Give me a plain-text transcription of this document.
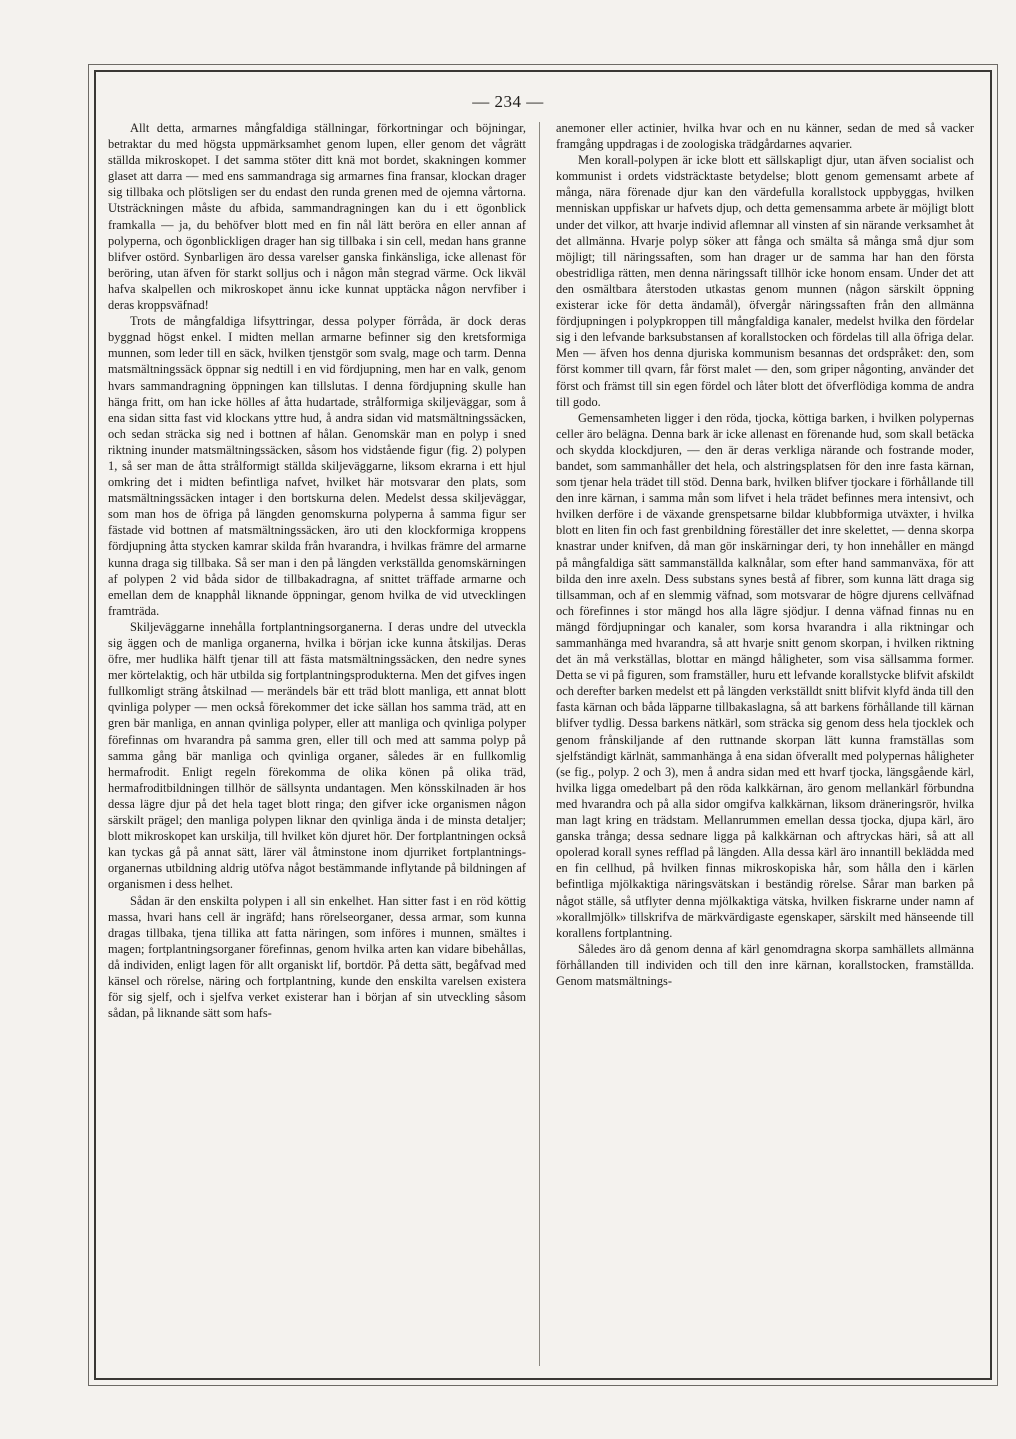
— 234 —

Allt detta, armarnes mångfaldiga ställningar, förkortningar och böjningar, betraktar du med högsta uppmärksamhet genom lupen, eller genom det vågrätt ställda mikroskopet. I det samma stöter ditt knä mot bordet, skakningen kommer glaset att darra — med ens sammandraga sig armarnes fina fransar, klockan drager sig tillbaka och plötsligen ser du endast den runda grenen med de ojemna vårtorna. Utsträckningen måste du afbida, sammandragningen kan du i ett ögonblick framkalla — ja, du behöfver blott med en fin nål lätt beröra en eller annan af polyperna, och ögonblickligen drager han sig tillbaka i sin cell, medan hans granne blifver ostörd. Synbarligen äro dessa varelser ganska finkänsliga, icke allenast för beröring, utan äfven för starkt solljus och i någon mån stegrad värme. Ock likväl hafva skalpellen och mikroskopet ännu icke kunnat upptäcka någon nervfiber i deras kroppsväfnad!

Trots de mångfaldiga lifsyttringar, dessa polyper förråda, är dock deras byggnad högst enkel. I midten mellan armarne befinner sig den kretsformiga munnen, som leder till en säck, hvilken tjenstgör som svalg, mage och tarm. Denna matsmältningssäck öppnar sig nedtill i en vid fördjupning, men har en valk, genom hvars sammandragning öppningen kan tillslutas. I denna fördjupning skulle han hänga fritt, om han icke hölles af åtta hudartade, strålformiga skiljeväggar, som å ena sidan sitta fast vid klockans yttre hud, å andra sidan vid matsmältningssäcken, och sedan sträcka sig ned i bottnen af hålan. Genomskär man en polyp i sned riktning inunder matsmältningssäcken, såsom hos vidstående figur (fig. 2) polypen 1, så ser man de åtta strålformigt ställda skiljeväggarne, liksom ekrarna i ett hjul omkring det i midten befintliga nafvet, hvilket här motsvarar den plats, som matsmältningssäcken intager i den bortskurna delen. Medelst dessa skiljeväggar, som man hos de öfriga på längden genomskurna polyperna å samma figur ser fästade vid bottnen af matsmältningssäcken, äro uti den klockformiga kroppens fördjupning åtta stycken kamrar skilda från hvarandra, i hvilkas främre del armarne kunna draga sig tillbaka. Så ser man i den på längden verkställda genomskärningen af polypen 2 vid båda sidor de tillbakadragna, af snittet träffade armarne och emellan dem de knapphål liknande öppningar, genom hvilka de vid utvecklingen framträda.

Skiljeväggarne innehålla fortplantningsorganerna. I deras undre del utveckla sig äggen och de manliga organerna, hvilka i början icke kunna åtskiljas. Deras öfre, mer hudlika hälft tjenar till att fästa matsmältningssäcken, den nedre synes mer körtelaktig, och här utbilda sig fortplantningsprodukterna. Men det gifves ingen fullkomligt sträng åtskilnad — merändels bär ett träd blott manliga, ett annat blott qvinliga polyper — men också förekommer det icke sällan hos samma träd, att en gren bär manliga, en annan qvinliga polyper, eller att manliga och qvinliga polyper förefinnas om hvarandra på samma gren, eller till och med att samma polyp på samma gång bär manliga och qvinliga organer, således är en fullkomlig hermafrodit. Enligt regeln förekomma de olika könen på olika träd, hermafroditbildningen tillhör de sällsynta undantagen. Men könsskilnaden är hos dessa lägre djur på det hela taget blott ringa; den gifver icke organismen någon särskilt prägel; den manliga polypen liknar den qvinliga ända i de minsta detaljer; blott mikroskopet kan urskilja, till hvilket kön djuret hör. Der fortplantningen också kan tyckas gå på annat sätt, lärer väl åtminstone inom djurriket fortplantnings-organernas utbildning aldrig utöfva något bestämmande inflytande på bildningen af organismen i dess helhet.

Sådan är den enskilta polypen i all sin enkelhet. Han sitter fast i en röd köttig massa, hvari hans cell är ingräfd; hans rörelseorganer, dessa armar, som kunna dragas tillbaka, tjena tillika att fatta näringen, som införes i munnen, smältes i magen; fortplantningsorganer förefinnas, genom hvilka arten kan vidare bibehållas, då individen, enligt lagen för allt organiskt lif, bortdör. På detta sätt, begåfvad med känsel och rörelse, näring och fortplantning, kunde den enskilta varelsen existera för sig sjelf, och i sjelfva verket existerar han i början af sin utveckling såsom sådan, på liknande sätt som hafs-

anemoner eller actinier, hvilka hvar och en nu känner, sedan de med så vacker framgång uppdragas i de zoologiska trädgårdarnes aqvarier.

Men korall-polypen är icke blott ett sällskapligt djur, utan äfven socialist och kommunist i ordets vidsträcktaste betydelse; blott genom gemensamt arbete af många, nära förenade djur kan den värdefulla korallstock uppbyggas, hvilken menniskan uppfiskar ur hafvets djup, och detta gemensamma arbete är möjligt blott under det vilkor, att hvarje individ aflemnar all vinsten af sin närande verksamhet åt det allmänna. Hvarje polyp söker att fånga och smälta så många små djur som möjligt; till näringssaften, som han drager ur de samma har han den första obestridliga rätten, men denna näringssaft tillhör icke honom ensam. Under det att den osmältbara återstoden utkastas genom munnen (någon särskilt öppning existerar icke för detta ändamål), öfvergår näringssaften från den allmänna fördjupningen i polypkroppen till mångfaldiga kanaler, medelst hvilka den fördelar sig i den lefvande barksubstansen af korallstocken och fördelas till alla öfriga delar. Men — äfven hos denna djuriska kommunism besannas det ordspråket: den, som först kommer till qvarn, får först malet — den, som griper någonting, använder det först och främst till sin egen fördel och låter blott det öfverflödiga komma de andra till godo.

Gemensamheten ligger i den röda, tjocka, köttiga barken, i hvilken polypernas celler äro belägna. Denna bark är icke allenast en förenande hud, som skall betäcka och skydda klockdjuren, — den är deras verkliga närande och fostrande moder, bandet, som sammanhåller det hela, och alstringsplatsen för den inre fasta kärnan, som tjenar hela trädet till stöd. Denna bark, hvilken blifver tjockare i förhållande till den inre kärnan, i samma mån som lifvet i hela trädet befinnes mera intensivt, och hvilken derföre i de växande grenspetsarne bildar klubbformiga utväxter, i hvilka blott en liten fin och fast grenbildning föreställer det inre skelettet, — denna skorpa knastrar under knifven, då man gör inskärningar deri, ty hon innehåller en mängd på mångfaldiga sätt sammanställda kalknålar, som efter hand sammanväxa, för att bilda den inre axeln. Dess substans synes bestå af fibrer, som kunna lätt draga sig tillsamman, och af en slemmig väfnad, som motsvarar de högre djurens cellväfnad och förefinnes i stor mängd hos alla lägre sjödjur. I denna väfnad finnas nu en mängd fördjupningar och kanaler, som korsa hvarandra i alla riktningar och sammanhänga med hvarandra, så att hvarje snitt genom skorpan, i hvilken riktning det än må verkställas, blottar en mängd håligheter, som visa sällsamma former. Detta se vi på figuren, som framställer, huru ett lefvande korallstycke blifvit afskildt och derefter barken medelst ett på längden verkställdt snitt blifvit klyfd ända till den fasta kärnan och båda läpparne tillbakaslagna, så att barkens förhållande till kärnan blifver tydlig. Dessa barkens nätkärl, som sträcka sig genom dess hela tjocklek och genom frånskiljande af den ruttnande skorpan lätt kunna framställas som sjelfständigt kärlnät, sammanhänga å ena sidan öfverallt med polypernas håligheter (se fig., polyp. 2 och 3), men å andra sidan med ett hvarf tjocka, längsgående kärl, hvilka ligga omedelbart på den röda kalkkärnan, äro genom mellankärl förbundna med hvarandra och på alla sidor omgifva kalkkärnan, liksom dräneringsrör, hvilka man lagt kring en trädstam. Mellanrummen emellan dessa tjocka, djupa kärl, äro ganska trånga; dessa sednare ligga på kalkkärnan och aftryckas häri, så att all opolerad korall synes refflad på längden. Alla dessa kärl äro innantill beklädda med en fin cellhud, på hvilken finnas mikroskopiska hår, som hålla den i kärlen befintliga mjölkaktiga näringsvätskan i beständig rörelse. Sårar man barken på något ställe, så utflyter denna mjölkaktiga vätska, hvilken fiskrarne under namn af »korallmjölk» tillskrifva de märkvärdigaste egenskaper, särskilt med hänseende till korallens fortplantning.

Således äro då genom denna af kärl genomdragna skorpa samhällets allmänna förhållanden till individen och till den inre kärnan, korallstocken, framställda. Genom matsmältnings-
